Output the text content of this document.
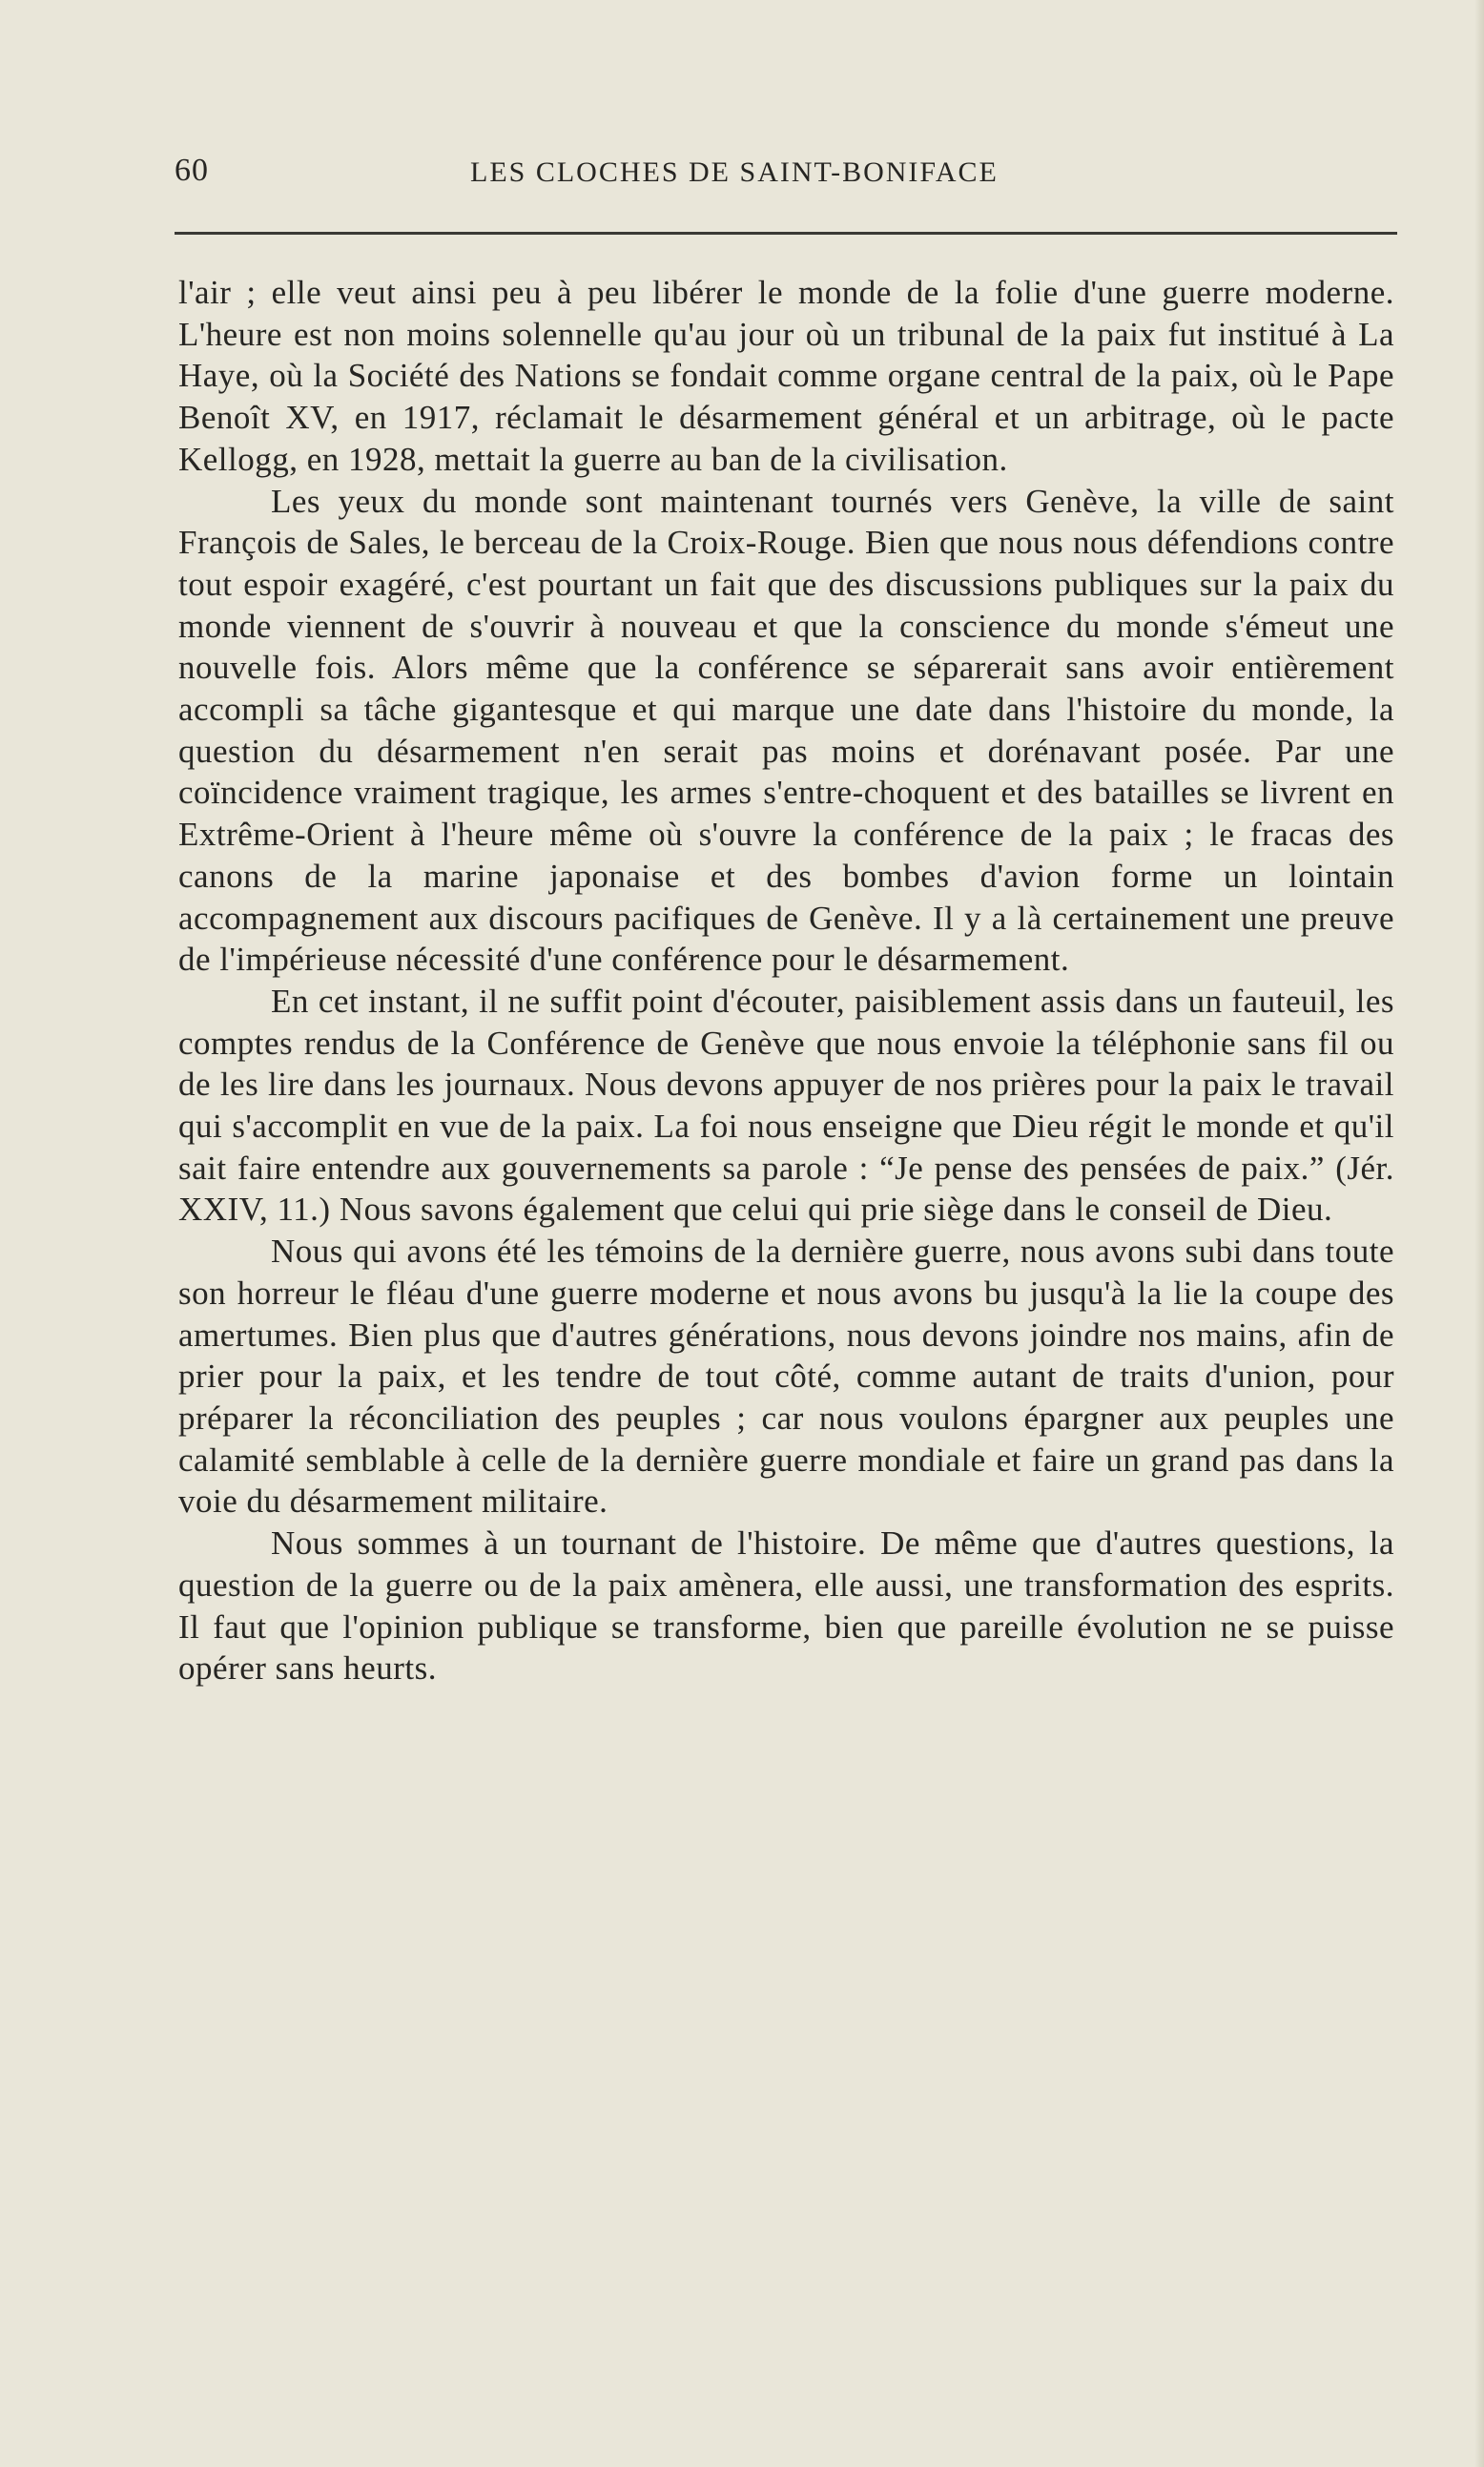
60	LES CLOCHES DE SAINT-BONIFACE

l'air ; elle veut ainsi peu à peu libérer le monde de la folie d'une guerre moderne. L'heure est non moins solennelle qu'au jour où un tribunal de la paix fut institué à La Haye, où la Société des Nations se fondait comme organe central de la paix, où le Pape Benoît XV, en 1917, réclamait le désarmement général et un arbitrage, où le pacte Kellogg, en 1928, mettait la guerre au ban de la civilisation.

Les yeux du monde sont maintenant tournés vers Genève, la ville de saint François de Sales, le berceau de la Croix-Rouge. Bien que nous nous défendions contre tout espoir exagéré, c'est pourtant un fait que des discussions publiques sur la paix du monde viennent de s'ouvrir à nouveau et que la conscience du monde s'émeut une nouvelle fois. Alors même que la conférence se séparerait sans avoir entièrement accompli sa tâche gigantesque et qui marque une date dans l'histoire du monde, la question du désarmement n'en serait pas moins et dorénavant posée. Par une coïncidence vraiment tragique, les armes s'entre-choquent et des batailles se livrent en Extrême-Orient à l'heure même où s'ouvre la conférence de la paix ; le fracas des canons de la marine japonaise et des bombes d'avion forme un lointain accompagnement aux discours pacifiques de Genève. Il y a là certainement une preuve de l'impérieuse nécessité d'une conférence pour le désarmement.

En cet instant, il ne suffit point d'écouter, paisiblement assis dans un fauteuil, les comptes rendus de la Conférence de Genève que nous envoie la téléphonie sans fil ou de les lire dans les journaux. Nous devons appuyer de nos prières pour la paix le travail qui s'accomplit en vue de la paix. La foi nous enseigne que Dieu régit le monde et qu'il sait faire entendre aux gouvernements sa parole : “Je pense des pensées de paix.” (Jér. XXIV, 11.) Nous savons également que celui qui prie siège dans le conseil de Dieu.

Nous qui avons été les témoins de la dernière guerre, nous avons subi dans toute son horreur le fléau d'une guerre moderne et nous avons bu jusqu'à la lie la coupe des amertumes. Bien plus que d'autres générations, nous devons joindre nos mains, afin de prier pour la paix, et les tendre de tout côté, comme autant de traits d'union, pour préparer la réconciliation des peuples ; car nous voulons épargner aux peuples une calamité semblable à celle de la dernière guerre mondiale et faire un grand pas dans la voie du désarmement militaire.

Nous sommes à un tournant de l'histoire. De même que d'autres questions, la question de la guerre ou de la paix amènera, elle aussi, une transformation des esprits. Il faut que l'opinion publique se transforme, bien que pareille évolution ne se puisse opérer sans heurts.
